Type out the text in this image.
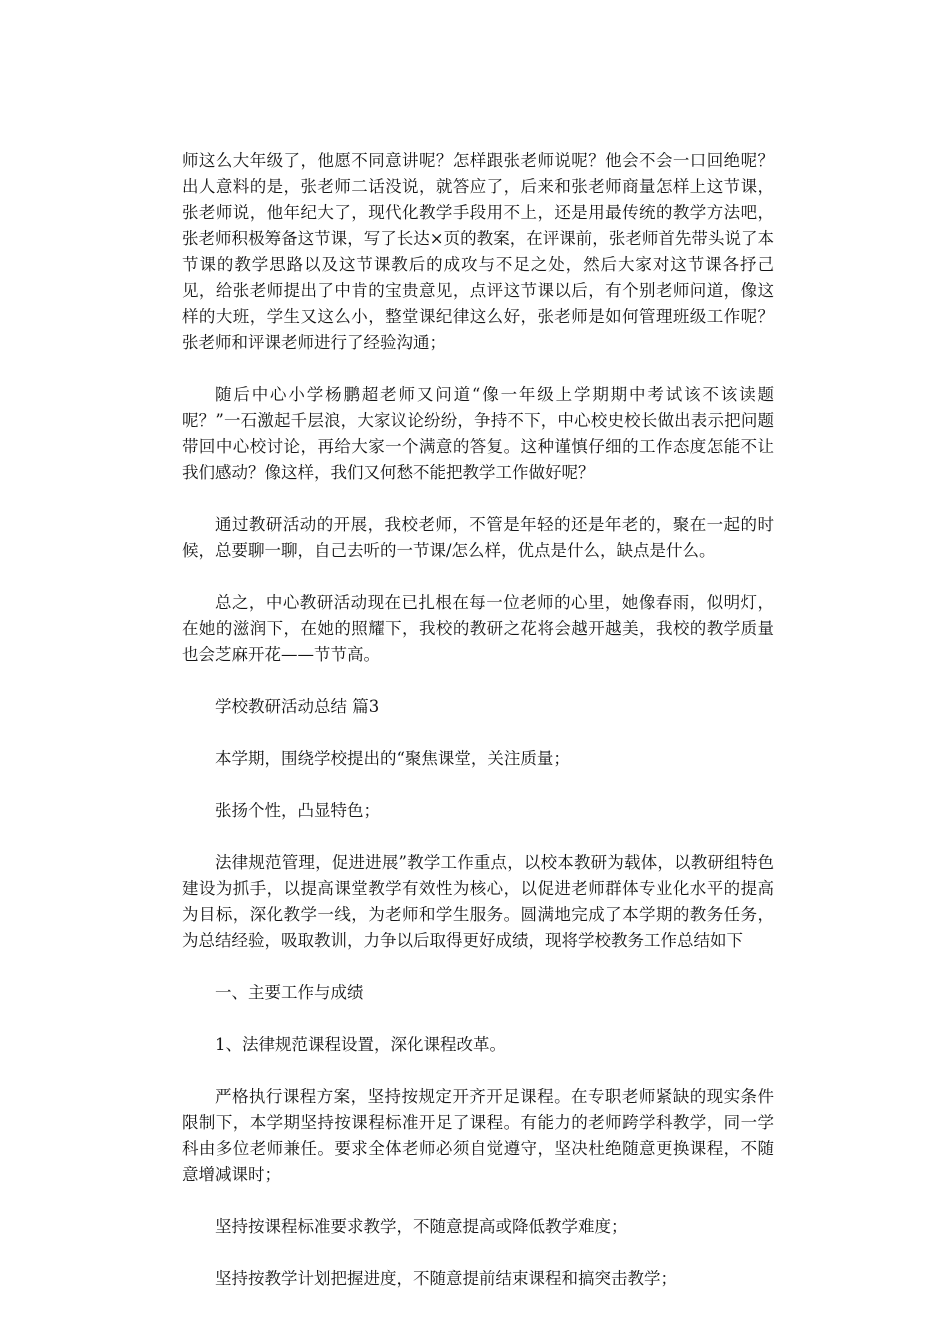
师这么大年级了，他愿不同意讲呢？怎样跟张老师说呢？他会不会一口回绝呢？出人意料的是，张老师二话没说，就答应了，后来和张老师商量怎样上这节课，张老师说，他年纪大了，现代化教学手段用不上，还是用最传统的教学方法吧，张老师积极筹备这节课，写了长达×页的教案，在评课前，张老师首先带头说了本节课的教学思路以及这节课教后的成攻与不足之处，然后大家对这节课各抒己见，给张老师提出了中肯的宝贵意见，点评这节课以后，有个别老师问道，像这样的大班，学生又这么小，整堂课纪律这么好，张老师是如何管理班级工作呢？张老师和评课老师进行了经验沟通；

随后中心小学杨鹏超老师又问道“像一年级上学期期中考试该不该读题呢？”一石激起千层浪，大家议论纷纷，争持不下，中心校史校长做出表示把问题带回中心校讨论，再给大家一个满意的答复。这种谨慎仔细的工作态度怎能不让我们感动？像这样，我们又何愁不能把教学工作做好呢？

通过教研活动的开展，我校老师，不管是年轻的还是年老的，聚在一起的时候，总要聊一聊，自己去听的一节课/怎么样，优点是什么，缺点是什么。

总之，中心教研活动现在已扎根在每一位老师的心里，她像春雨，似明灯，在她的滋润下，在她的照耀下，我校的教研之花将会越开越美，我校的教学质量也会芝麻开花——节节高。

学校教研活动总结 篇3

本学期，围绕学校提出的“聚焦课堂，关注质量；

张扬个性，凸显特色；

法律规范管理，促进进展”教学工作重点，以校本教研为载体，以教研组特色建设为抓手，以提高课堂教学有效性为核心，以促进老师群体专业化水平的提高为目标，深化教学一线，为老师和学生服务。圆满地完成了本学期的教务任务，为总结经验，吸取教训，力争以后取得更好成绩，现将学校教务工作总结如下

一、主要工作与成绩

1、法律规范课程设置，深化课程改革。

严格执行课程方案，坚持按规定开齐开足课程。在专职老师紧缺的现实条件限制下，本学期坚持按课程标准开足了课程。有能力的老师跨学科教学，同一学科由多位老师兼任。要求全体老师必须自觉遵守，坚决杜绝随意更换课程，不随意增减课时；

坚持按课程标准要求教学，不随意提高或降低教学难度；

坚持按教学计划把握进度，不随意提前结束课程和搞突击教学；
